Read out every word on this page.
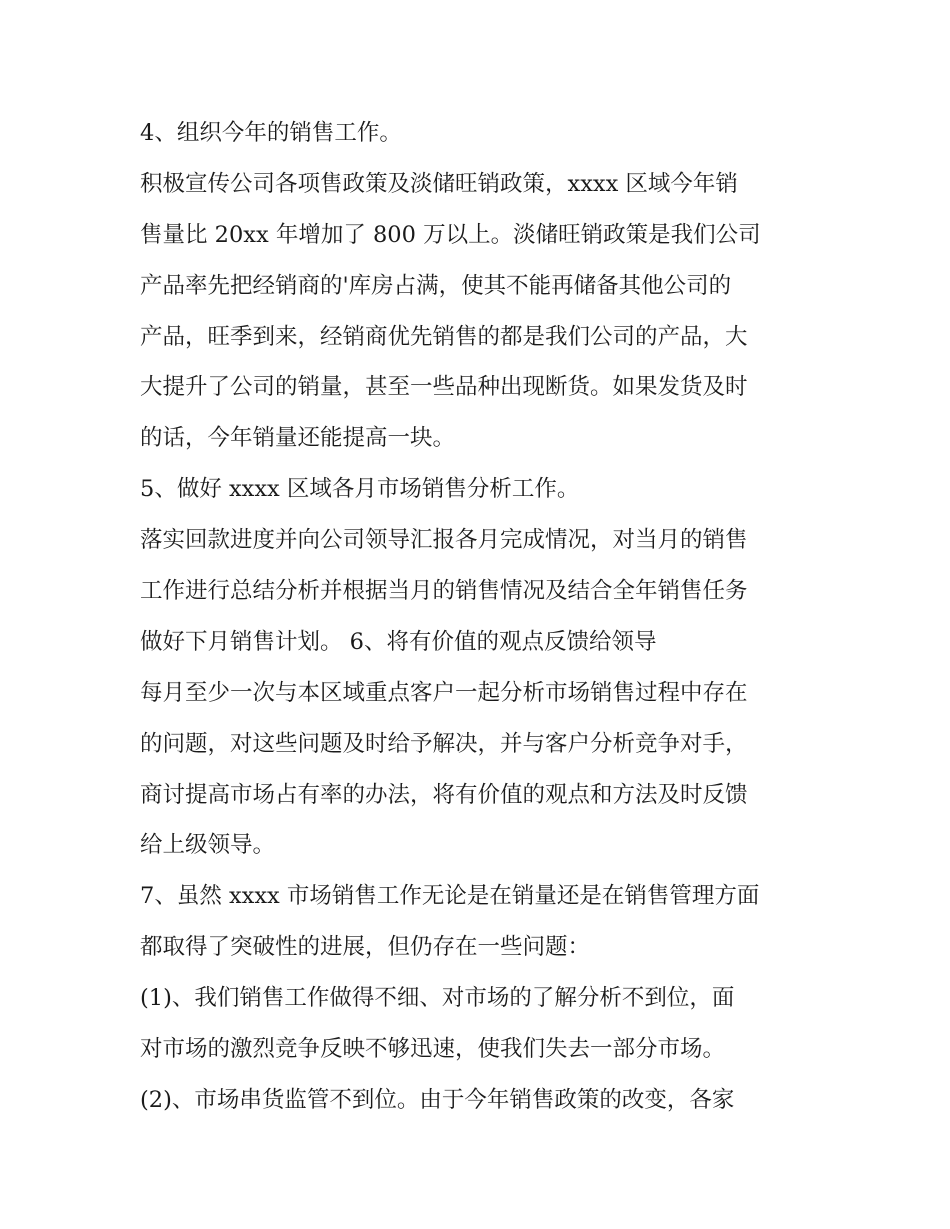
4、组织今年的销售工作。
积极宣传公司各项售政策及淡储旺销政策，xxxx 区域今年销
售量比 20xx 年增加了 800 万以上。淡储旺销政策是我们公司
产品率先把经销商的'库房占满，使其不能再储备其他公司的
产品，旺季到来，经销商优先销售的都是我们公司的产品，大
大提升了公司的销量，甚至一些品种出现断货。如果发货及时
的话，今年销量还能提高一块。
5、做好 xxxx 区域各月市场销售分析工作。
落实回款进度并向公司领导汇报各月完成情况，对当月的销售
工作进行总结分析并根据当月的销售情况及结合全年销售任务
做好下月销售计划。 6、将有价值的观点反馈给领导
每月至少一次与本区域重点客户一起分析市场销售过程中存在
的问题，对这些问题及时给予解决，并与客户分析竞争对手，
商讨提高市场占有率的办法，将有价值的观点和方法及时反馈
给上级领导。
7、虽然 xxxx 市场销售工作无论是在销量还是在销售管理方面
都取得了突破性的进展，但仍存在一些问题：
(1)、我们销售工作做得不细、对市场的了解分析不到位，面
对市场的激烈竞争反映不够迅速，使我们失去一部分市场。
(2)、市场串货监管不到位。由于今年销售政策的改变，各家
